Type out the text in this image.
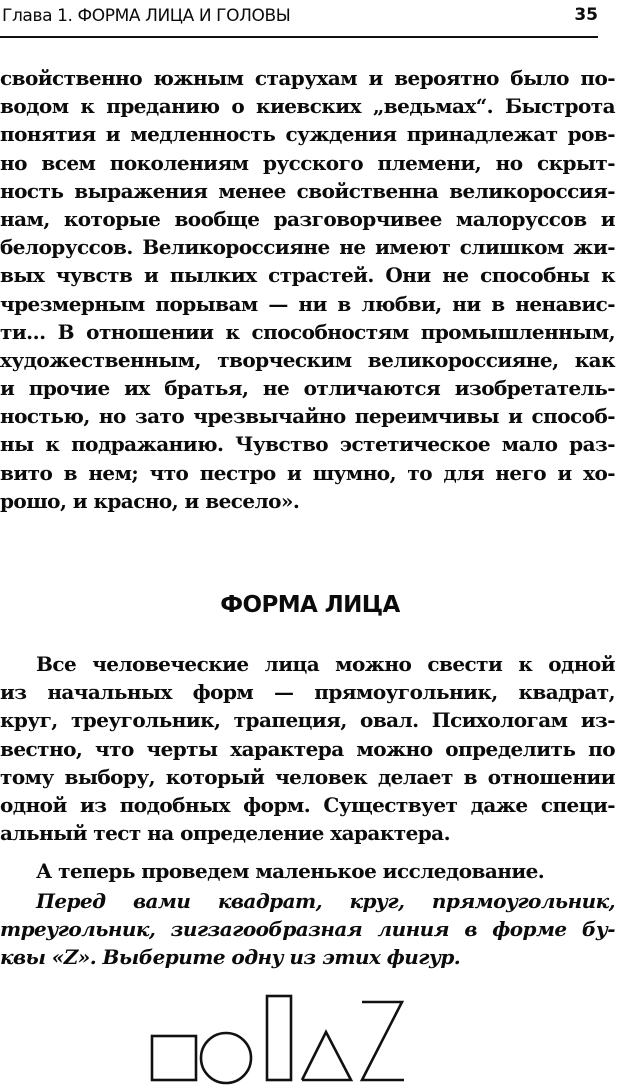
Глава 1. ФОРМА ЛИЦА И ГОЛОВЫ	35
свойственно южным старухам и вероятно было по-
водом к преданию о киевских „ведьмах“. Быстрота
понятия и медленность суждения принадлежат ров-
но всем поколениям русского племени, но скрыт-
ность выражения менее свойственна великороссия-
нам, которые вообще разговорчивее малоруссов и
белоруссов. Великороссияне не имеют слишком жи-
вых чувств и пылких страстей. Они не способны к
чрезмерным порывам — ни в любви, ни в ненавис-
ти… В отношении к способностям промышленным,
художественным, творческим великороссияне, как
и прочие их братья, не отличаются изобретатель-
ностью, но зато чрезвычайно переимчивы и способ-
ны к подражанию. Чувство эстетическое мало раз-
вито в нем; что пестро и шумно, то для него и хо-
рошо, и красно, и весело».
ФОРМА ЛИЦА
Все человеческие лица можно свести к одной
из начальных форм — прямоугольник, квадрат,
круг, треугольник, трапеция, овал. Психологам из-
вестно, что черты характера можно определить по
тому выбору, который человек делает в отношении
одной из подобных форм. Существует даже специ-
альный тест на определение характера.
А теперь проведем маленькое исследование.
Перед вами квадрат, круг, прямоугольник,
треугольник, зигзагообразная линия в форме бу-
квы «Z». Выберите одну из этих фигур.
